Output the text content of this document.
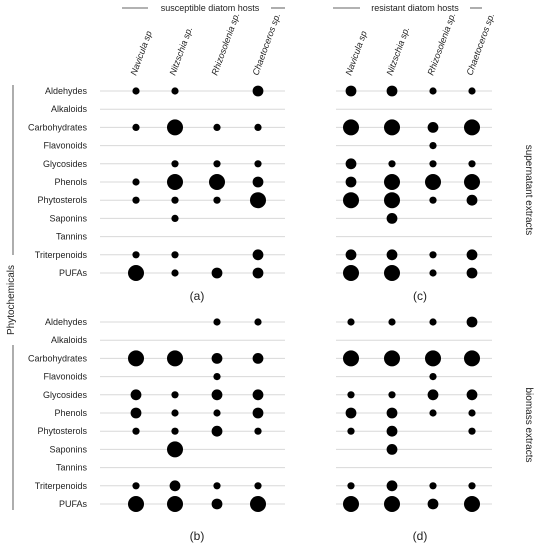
susceptible diatom hosts	resistant diatom hosts
Phytochemicals
supernatant extracts
biomass extracts
Navicula sp Nitzschia sp. Rhizosolenia sp. Chaetoceros sp.	Navicula sp Nitzschia sp. Rhizosolenia sp. Chaetoceros sp.
Aldehydes
Alkaloids
Carbohydrates
Flavonoids
Glycosides
Phenols
Phytosterols
Saponins
Tannins
Triterpenoids
PUFAs
Aldehydes
Alkaloids
Carbohydrates
Flavonoids
Glycosides
Phenols
Phytosterols
Saponins
Tannins
Triterpenoids
PUFAs
(a)	(c)
(b)	(d)
